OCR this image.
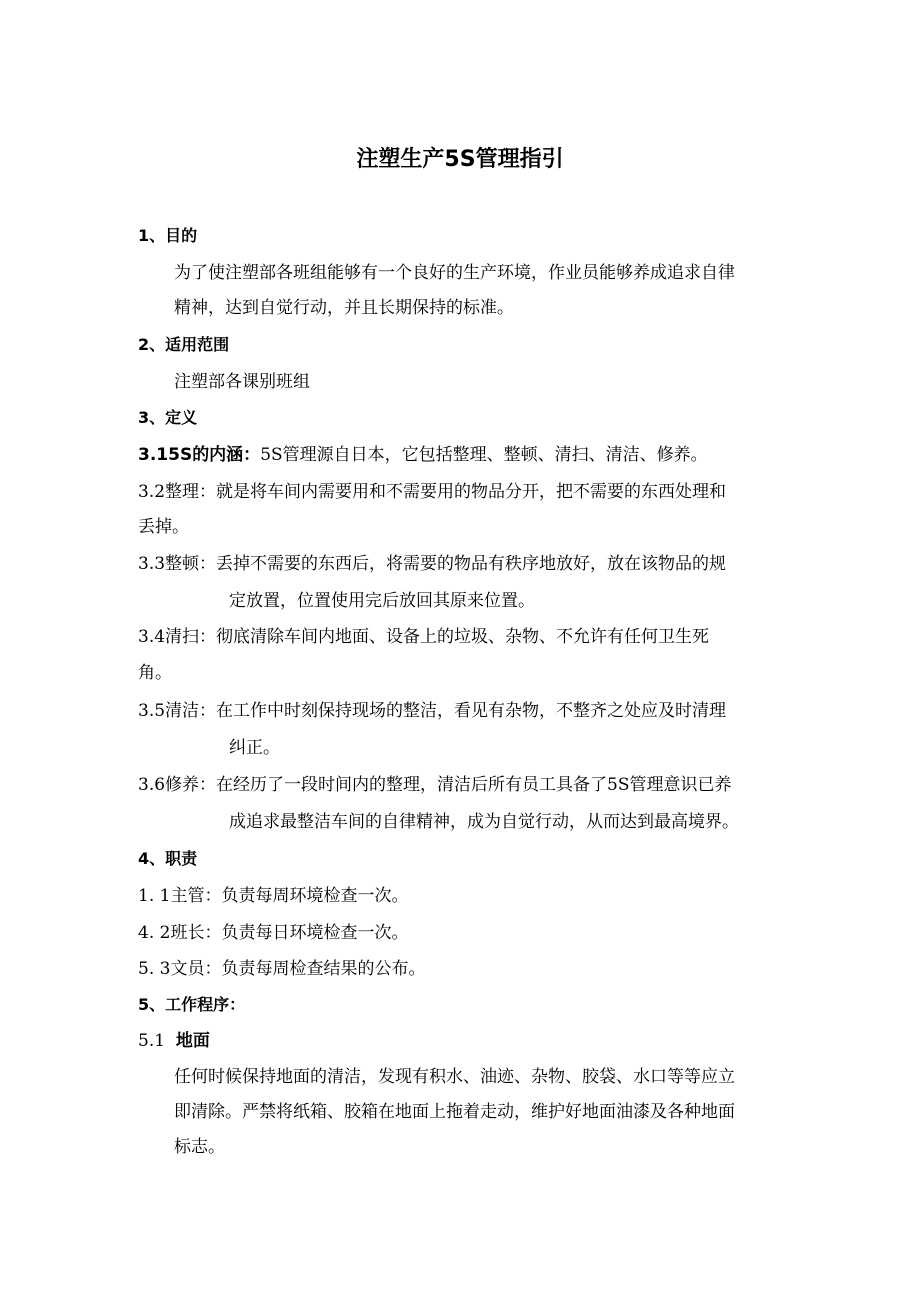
注塑生产5S管理指引

1、目的

为了使注塑部各班组能够有一个良好的生产环境，作业员能够养成追求自律

精神，达到自觉行动，并且长期保持的标准。

2、适用范围

注塑部各课别班组

3、定义

3.15S的内涵：5S管理源自日本，它包括整理、整顿、清扫、清洁、修养。

3.2整理：就是将车间内需要用和不需要用的物品分开，把不需要的东西处理和

丢掉。

3.3整顿：丢掉不需要的东西后，将需要的物品有秩序地放好，放在该物品的规

定放置，位置使用完后放回其原来位置。

3.4清扫：彻底清除车间内地面、设备上的垃圾、杂物、不允许有任何卫生死

角。

3.5清洁：在工作中时刻保持现场的整洁，看见有杂物，不整齐之处应及时清理

纠正。

3.6修养：在经历了一段时间内的整理，清洁后所有员工具备了5S管理意识已养

成追求最整洁车间的自律精神，成为自觉行动，从而达到最高境界。

4、职责

1. 1主管：负责每周环境检查一次。

4. 2班长：负责每日环境检查一次。

5. 3文员：负责每周检查结果的公布。

5、工作程序：

5.1 地面

任何时候保持地面的清洁，发现有积水、油迹、杂物、胶袋、水口等等应立

即清除。严禁将纸箱、胶箱在地面上拖着走动，维护好地面油漆及各种地面

标志。
